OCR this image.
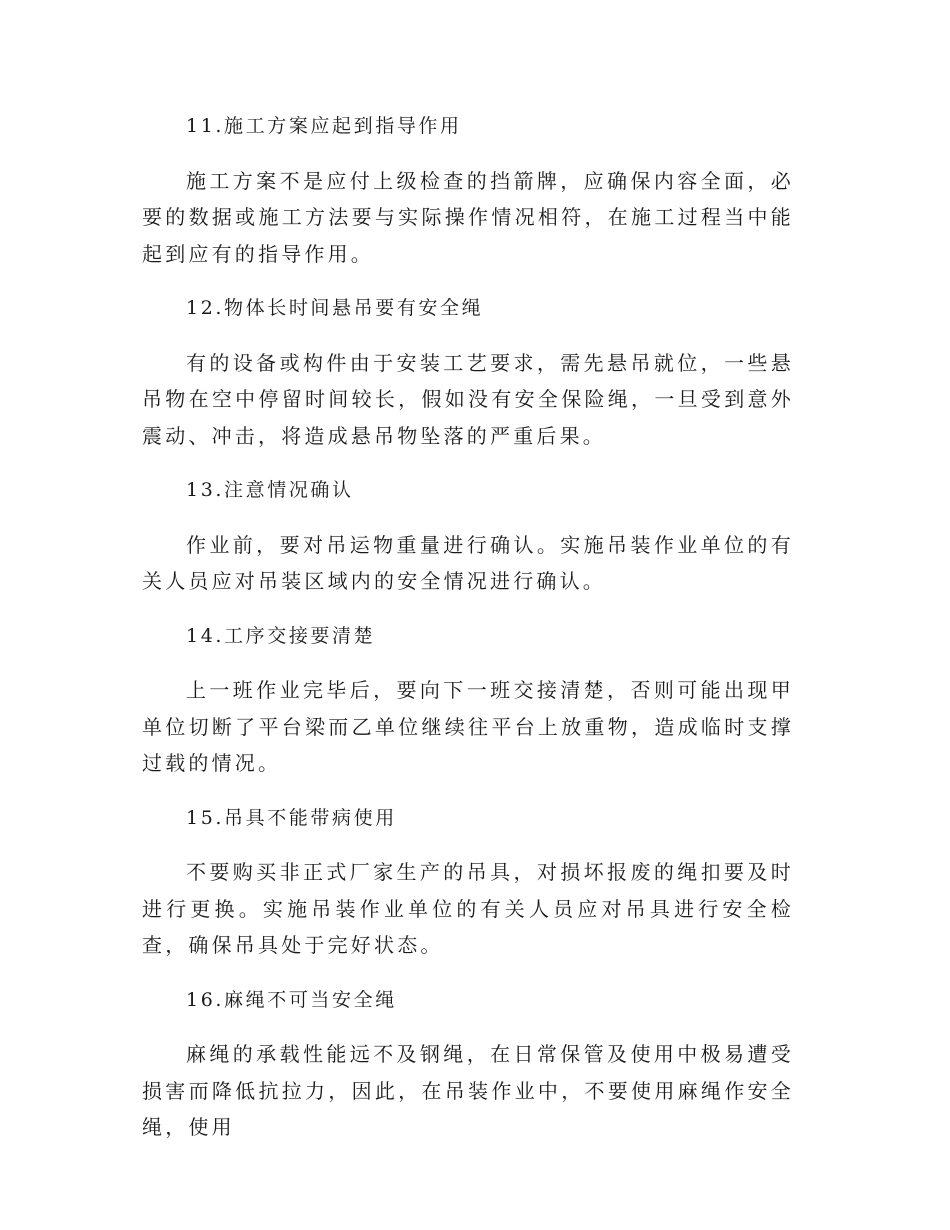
11.施工方案应起到指导作用
施工方案不是应付上级检查的挡箭牌，应确保内容全面，必要的数据或施工方法要与实际操作情况相符，在施工过程当中能起到应有的指导作用。
12.物体长时间悬吊要有安全绳
有的设备或构件由于安装工艺要求，需先悬吊就位，一些悬吊物在空中停留时间较长，假如没有安全保险绳，一旦受到意外震动、冲击，将造成悬吊物坠落的严重后果。
13.注意情况确认
作业前，要对吊运物重量进行确认。实施吊装作业单位的有关人员应对吊装区域内的安全情况进行确认。
14.工序交接要清楚
上一班作业完毕后，要向下一班交接清楚，否则可能出现甲单位切断了平台梁而乙单位继续往平台上放重物，造成临时支撑过载的情况。
15.吊具不能带病使用
不要购买非正式厂家生产的吊具，对损坏报废的绳扣要及时进行更换。实施吊装作业单位的有关人员应对吊具进行安全检查，确保吊具处于完好状态。
16.麻绳不可当安全绳
麻绳的承载性能远不及钢绳，在日常保管及使用中极易遭受损害而降低抗拉力，因此，在吊装作业中，不要使用麻绳作安全绳，使用
